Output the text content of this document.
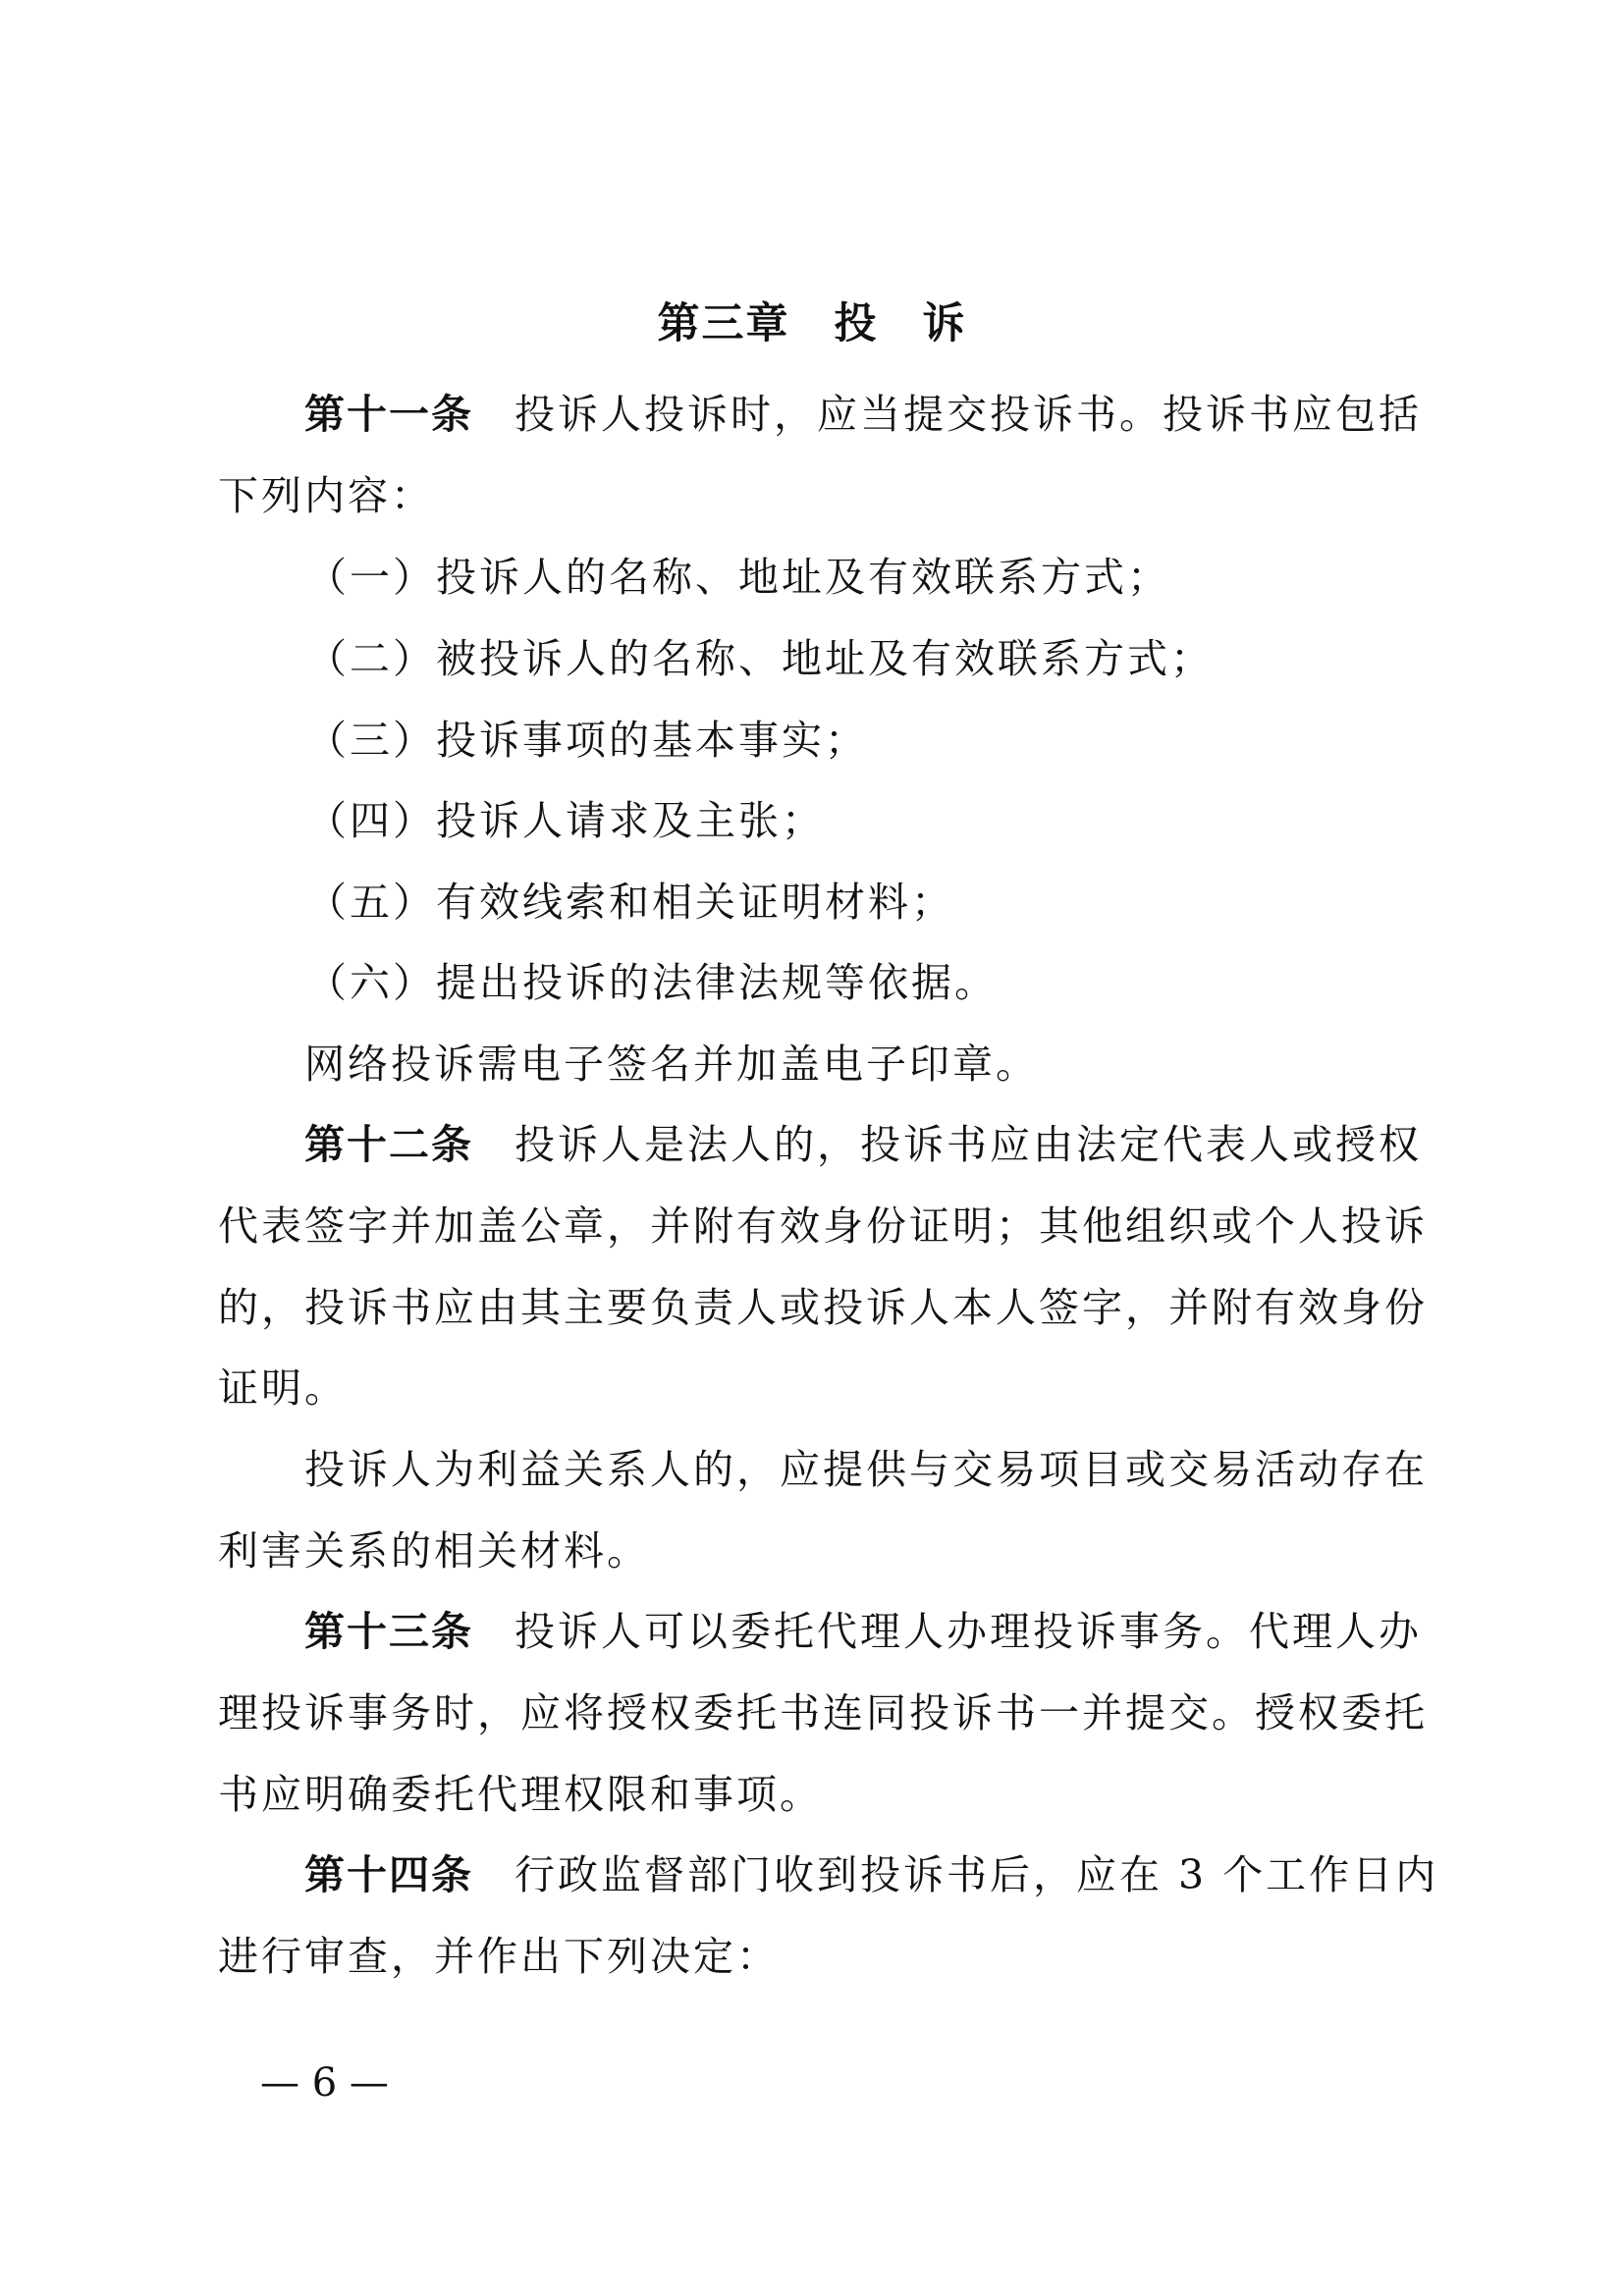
第三章　投　诉
第十一条 投诉人投诉时，应当提交投诉书。投诉书应包括
下列内容：
（一）投诉人的名称、地址及有效联系方式；
（二）被投诉人的名称、地址及有效联系方式；
（三）投诉事项的基本事实；
（四）投诉人请求及主张；
（五）有效线索和相关证明材料；
（六）提出投诉的法律法规等依据。
网络投诉需电子签名并加盖电子印章。
第十二条 投诉人是法人的，投诉书应由法定代表人或授权
代表签字并加盖公章，并附有效身份证明；其他组织或个人投诉
的，投诉书应由其主要负责人或投诉人本人签字，并附有效身份
证明。
投诉人为利益关系人的，应提供与交易项目或交易活动存在
利害关系的相关材料。
第十三条 投诉人可以委托代理人办理投诉事务。代理人办
理投诉事务时，应将授权委托书连同投诉书一并提交。授权委托
书应明确委托代理权限和事项。
第十四条 行政监督部门收到投诉书后，应在 3 个工作日内
进行审查，并作出下列决定：
— 6 —
